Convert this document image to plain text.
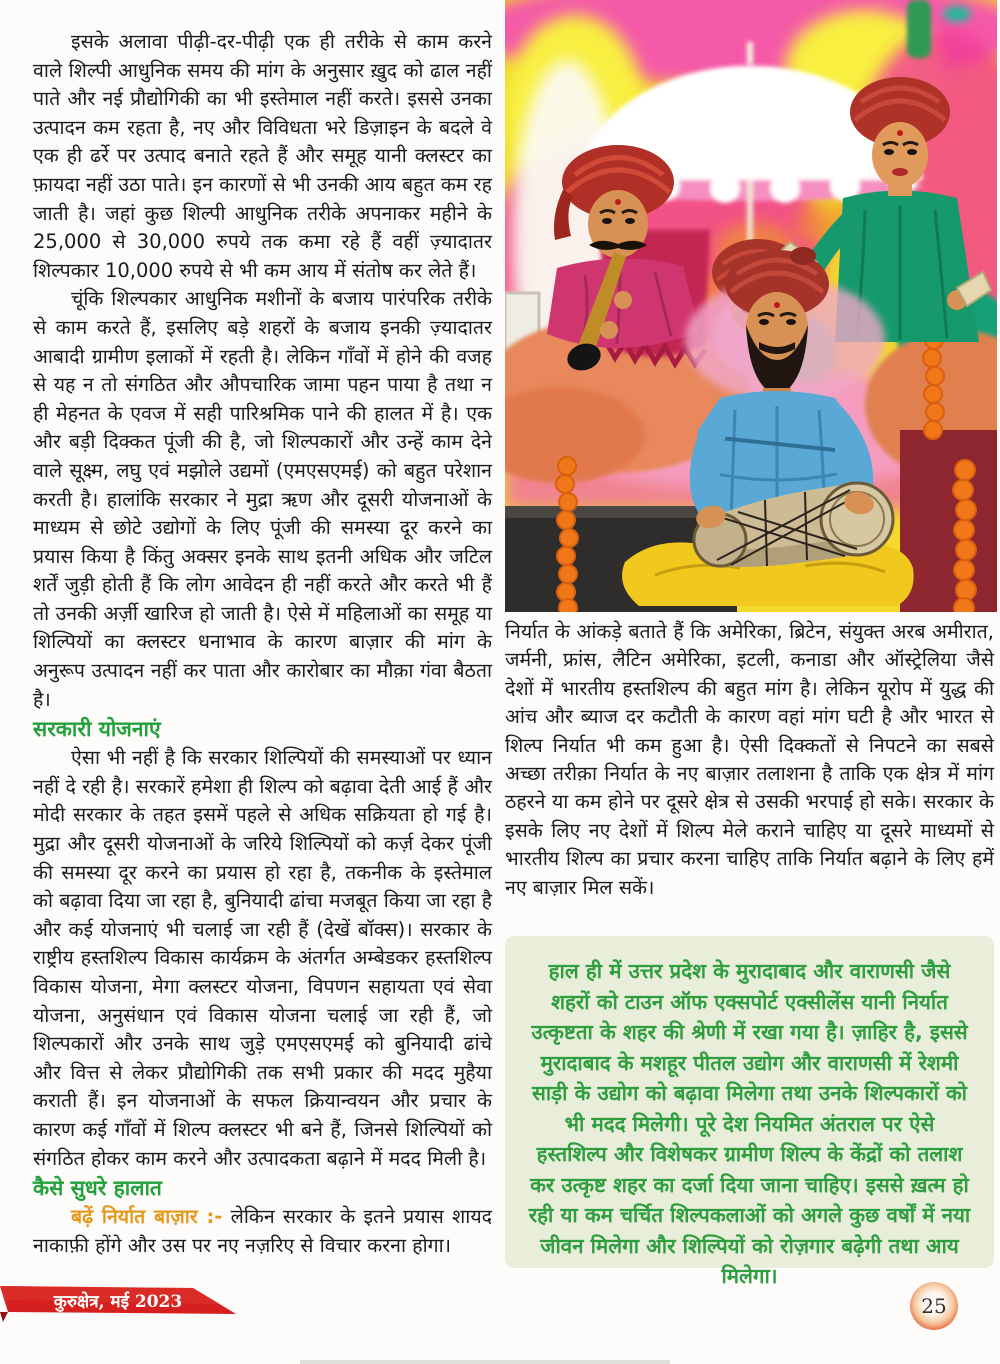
इसके अलावा पीढ़ी-दर-पीढ़ी एक ही तरीके से काम करने वाले शिल्पी आधुनिक समय की मांग के अनुसार ख़ुद को ढाल नहीं पाते और नई प्रौद्योगिकी का भी इस्तेमाल नहीं करते। इससे उनका उत्पादन कम रहता है, नए और विविधता भरे डिज़ाइन के बदले वे एक ही ढर्रे पर उत्पाद बनाते रहते हैं और समूह यानी क्लस्टर का फ़ायदा नहीं उठा पाते। इन कारणों से भी उनकी आय बहुत कम रह जाती है। जहां कुछ शिल्पी आधुनिक तरीके अपनाकर महीने के 25,000 से 30,000 रुपये तक कमा रहे हैं वहीं ज़्यादातर शिल्पकार 10,000 रुपये से भी कम आय में संतोष कर लेते हैं।

चूंकि शिल्पकार आधुनिक मशीनों के बजाय पारंपरिक तरीके से काम करते हैं, इसलिए बड़े शहरों के बजाय इनकी ज़्यादातर आबादी ग्रामीण इलाकों में रहती है। लेकिन गाँवों में होने की वजह से यह न तो संगठित और औपचारिक जामा पहन पाया है तथा न ही मेहनत के एवज में सही पारिश्रमिक पाने की हालत में है। एक और बड़ी दिक्कत पूंजी की है, जो शिल्पकारों और उन्हें काम देने वाले सूक्ष्म, लघु एवं मझोले उद्यमों (एमएसएमई) को बहुत परेशान करती है। हालांकि सरकार ने मुद्रा ऋण और दूसरी योजनाओं के माध्यम से छोटे उद्योगों के लिए पूंजी की समस्या दूर करने का प्रयास किया है किंतु अक्सर इनके साथ इतनी अधिक और जटिल शर्तें जुड़ी होती हैं कि लोग आवेदन ही नहीं करते और करते भी हैं तो उनकी अर्ज़ी खारिज हो जाती है। ऐसे में महिलाओं का समूह या शिल्पियों का क्लस्टर धनाभाव के कारण बाज़ार की मांग के अनुरूप उत्पादन नहीं कर पाता और कारोबार का मौक़ा गंवा बैठता है।

सरकारी योजनाएं

ऐसा भी नहीं है कि सरकार शिल्पियों की समस्याओं पर ध्यान नहीं दे रही है। सरकारें हमेशा ही शिल्प को बढ़ावा देती आई हैं और मोदी सरकार के तहत इसमें पहले से अधिक सक्रियता हो गई है। मुद्रा और दूसरी योजनाओं के जरिये शिल्पियों को कर्ज़ देकर पूंजी की समस्या दूर करने का प्रयास हो रहा है, तकनीक के इस्तेमाल को बढ़ावा दिया जा रहा है, बुनियादी ढांचा मजबूत किया जा रहा है और कई योजनाएं भी चलाई जा रही हैं (देखें बॉक्स)। सरकार के राष्ट्रीय हस्तशिल्प विकास कार्यक्रम के अंतर्गत अम्बेडकर हस्तशिल्प विकास योजना, मेगा क्लस्टर योजना, विपणन सहायता एवं सेवा योजना, अनुसंधान एवं विकास योजना चलाई जा रही हैं, जो शिल्पकारों और उनके साथ जुड़े एमएसएमई को बुनियादी ढांचे और वित्त से लेकर प्रौद्योगिकी तक सभी प्रकार की मदद मुहैया कराती हैं। इन योजनाओं के सफल क्रियान्वयन और प्रचार के कारण कई गाँवों में शिल्प क्लस्टर भी बने हैं, जिनसे शिल्पियों को संगठित होकर काम करने और उत्पादकता बढ़ाने में मदद मिली है।

कैसे सुधरे हालात

बढ़ें निर्यात बाज़ार :- लेकिन सरकार के इतने प्रयास शायद नाकाफ़ी होंगे और उस पर नए नज़रिए से विचार करना होगा।

निर्यात के आंकड़े बताते हैं कि अमेरिका, ब्रिटेन, संयुक्त अरब अमीरात, जर्मनी, फ्रांस, लैटिन अमेरिका, इटली, कनाडा और ऑस्ट्रेलिया जैसे देशों में भारतीय हस्तशिल्प की बहुत मांग है। लेकिन यूरोप में युद्ध की आंच और ब्याज दर कटौती के कारण वहां मांग घटी है और भारत से शिल्प निर्यात भी कम हुआ है। ऐसी दिक्कतों से निपटने का सबसे अच्छा तरीक़ा निर्यात के नए बाज़ार तलाशना है ताकि एक क्षेत्र में मांग ठहरने या कम होने पर दूसरे क्षेत्र से उसकी भरपाई हो सके। सरकार के इसके लिए नए देशों में शिल्प मेले कराने चाहिए या दूसरे माध्यमों से भारतीय शिल्प का प्रचार करना चाहिए ताकि निर्यात बढ़ाने के लिए हमें नए बाज़ार मिल सकें।

हाल ही में उत्तर प्रदेश के मुरादाबाद और वाराणसी जैसे शहरों को टाउन ऑफ एक्सपोर्ट एक्सीलेंस यानी निर्यात उत्कृष्टता के शहर की श्रेणी में रखा गया है। ज़ाहिर है, इससे मुरादाबाद के मशहूर पीतल उद्योग और वाराणसी में रेशमी साड़ी के उद्योग को बढ़ावा मिलेगा तथा उनके शिल्पकारों को भी मदद मिलेगी। पूरे देश नियमित अंतराल पर ऐसे हस्तशिल्प और विशेषकर ग्रामीण शिल्प के केंद्रों को तलाश कर उत्कृष्ट शहर का दर्जा दिया जाना चाहिए। इससे ख़त्म हो रही या कम चर्चित शिल्पकलाओं को अगले कुछ वर्षों में नया जीवन मिलेगा और शिल्पियों को रोज़गार बढ़ेगी तथा आय मिलेगा।
कुरुक्षेत्र, मई 2023	25
